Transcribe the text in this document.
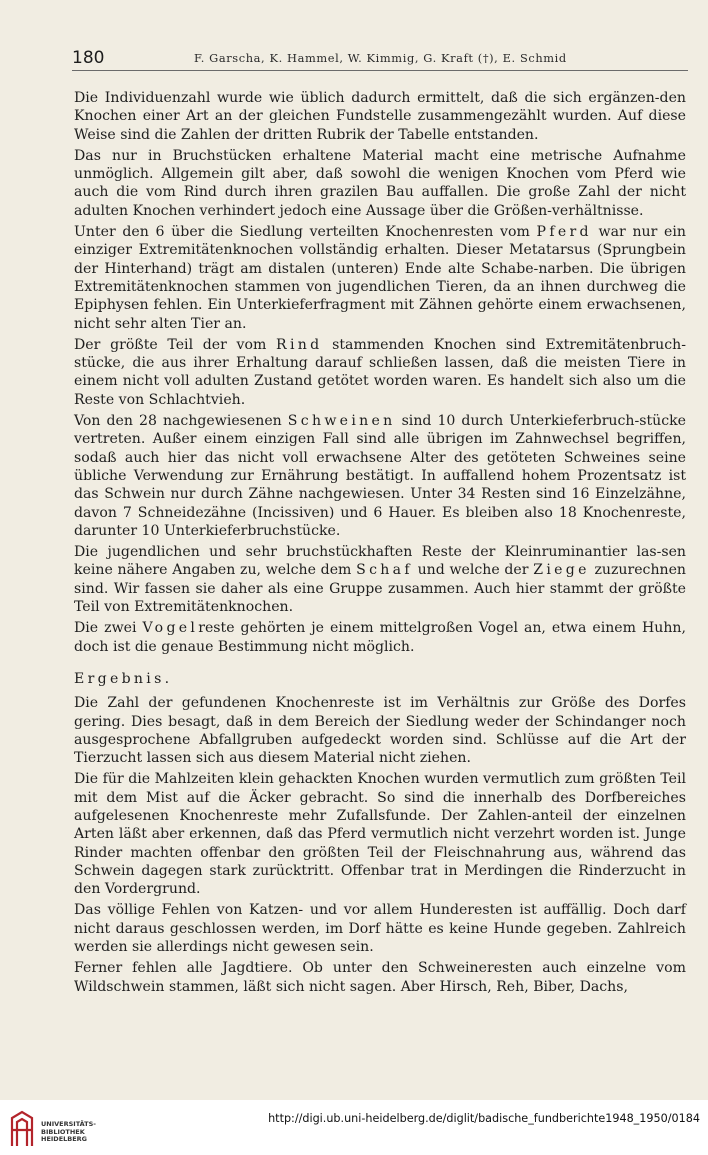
180	F. Garscha, K. Hammel, W. Kimmig, G. Kraft (†), E. Schmid

Die Individuenzahl wurde wie üblich dadurch ermittelt, daß die sich ergänzen-den Knochen einer Art an der gleichen Fundstelle zusammengezählt wurden. Auf diese Weise sind die Zahlen der dritten Rubrik der Tabelle entstanden.

Das nur in Bruchstücken erhaltene Material macht eine metrische Aufnahme unmöglich. Allgemein gilt aber, daß sowohl die wenigen Knochen vom Pferd wie auch die vom Rind durch ihren grazilen Bau auffallen. Die große Zahl der nicht adulten Knochen verhindert jedoch eine Aussage über die Größen-verhältnisse.

Unter den 6 über die Siedlung verteilten Knochenresten vom Pferd war nur ein einziger Extremitätenknochen vollständig erhalten. Dieser Metatarsus (Sprungbein der Hinterhand) trägt am distalen (unteren) Ende alte Schabe-narben. Die übrigen Extremitätenknochen stammen von jugendlichen Tieren, da an ihnen durchweg die Epiphysen fehlen. Ein Unterkieferfragment mit Zähnen gehörte einem erwachsenen, nicht sehr alten Tier an.

Der größte Teil der vom Rind stammenden Knochen sind Extremitätenbruch-stücke, die aus ihrer Erhaltung darauf schließen lassen, daß die meisten Tiere in einem nicht voll adulten Zustand getötet worden waren. Es handelt sich also um die Reste von Schlachtvieh.

Von den 28 nachgewiesenen Schweinen sind 10 durch Unterkieferbruch-stücke vertreten. Außer einem einzigen Fall sind alle übrigen im Zahnwechsel begriffen, sodaß auch hier das nicht voll erwachsene Alter des getöteten Schweines seine übliche Verwendung zur Ernährung bestätigt. In auffallend hohem Prozentsatz ist das Schwein nur durch Zähne nachgewiesen. Unter 34 Resten sind 16 Einzelzähne, davon 7 Schneidezähne (Incissiven) und 6 Hauer. Es bleiben also 18 Knochenreste, darunter 10 Unterkieferbruchstücke.

Die jugendlichen und sehr bruchstückhaften Reste der Kleinruminantier las-sen keine nähere Angaben zu, welche dem Schaf und welche der Ziege zuzurechnen sind. Wir fassen sie daher als eine Gruppe zusammen. Auch hier stammt der größte Teil von Extremitätenknochen.

Die zwei Vogelreste gehörten je einem mittelgroßen Vogel an, etwa einem Huhn, doch ist die genaue Bestimmung nicht möglich.

Ergebnis.

Die Zahl der gefundenen Knochenreste ist im Verhältnis zur Größe des Dorfes gering. Dies besagt, daß in dem Bereich der Siedlung weder der Schindanger noch ausgesprochene Abfallgruben aufgedeckt worden sind. Schlüsse auf die Art der Tierzucht lassen sich aus diesem Material nicht ziehen.

Die für die Mahlzeiten klein gehackten Knochen wurden vermutlich zum größten Teil mit dem Mist auf die Äcker gebracht. So sind die innerhalb des Dorfbereiches aufgelesenen Knochenreste mehr Zufallsfunde. Der Zahlen-anteil der einzelnen Arten läßt aber erkennen, daß das Pferd vermutlich nicht verzehrt worden ist. Junge Rinder machten offenbar den größten Teil der Fleischnahrung aus, während das Schwein dagegen stark zurücktritt. Offenbar trat in Merdingen die Rinderzucht in den Vordergrund.

Das völlige Fehlen von Katzen- und vor allem Hunderesten ist auffällig. Doch darf nicht daraus geschlossen werden, im Dorf hätte es keine Hunde gegeben. Zahlreich werden sie allerdings nicht gewesen sein.

Ferner fehlen alle Jagdtiere. Ob unter den Schweineresten auch einzelne vom Wildschwein stammen, läßt sich nicht sagen. Aber Hirsch, Reh, Biber, Dachs,

UNIVERSITÄTS-
BIBLIOTHEK
HEIDELBERG
http://digi.ub.uni-heidelberg.de/diglit/badische_fundberichte1948_1950/0184
